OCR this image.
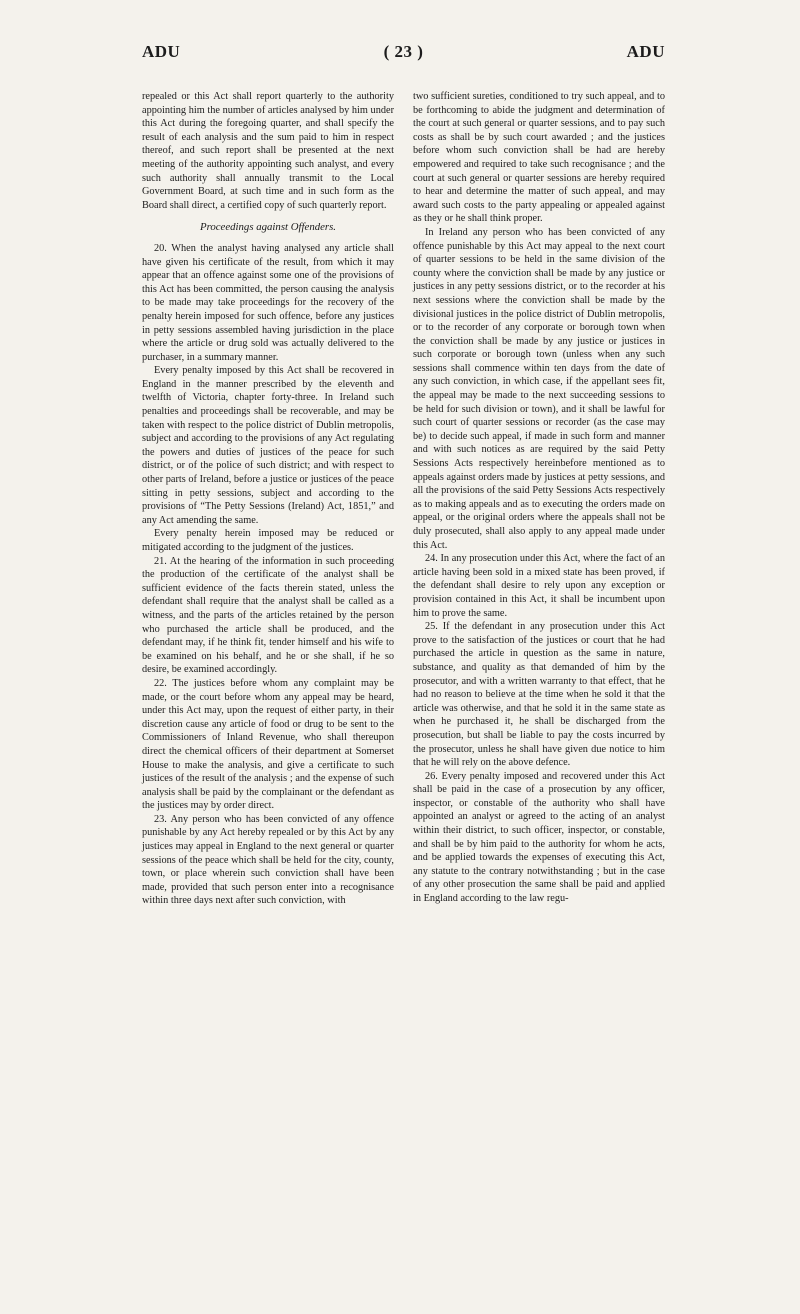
ADU	( 23 )	ADU

repealed or this Act shall report quarterly to the authority appointing him the number of articles analysed by him under this Act during the foregoing quarter, and shall specify the result of each analysis and the sum paid to him in respect thereof, and such report shall be presented at the next meeting of the authority appointing such analyst, and every such authority shall annually transmit to the Local Government Board, at such time and in such form as the Board shall direct, a certified copy of such quarterly report.

Proceedings against Offenders.

20. When the analyst having analysed any article shall have given his certificate of the result, from which it may appear that an offence against some one of the provisions of this Act has been committed, the person causing the analysis to be made may take proceedings for the recovery of the penalty herein imposed for such offence, before any justices in petty sessions assembled having jurisdiction in the place where the article or drug sold was actually delivered to the purchaser, in a summary manner.

Every penalty imposed by this Act shall be recovered in England in the manner prescribed by the eleventh and twelfth of Victoria, chapter forty-three. In Ireland such penalties and proceedings shall be recoverable, and may be taken with respect to the police district of Dublin metropolis, subject and according to the provisions of any Act regulating the powers and duties of justices of the peace for such district, or of the police of such district; and with respect to other parts of Ireland, before a justice or justices of the peace sitting in petty sessions, subject and according to the provisions of “The Petty Sessions (Ireland) Act, 1851,” and any Act amending the same.

Every penalty herein imposed may be reduced or mitigated according to the judgment of the justices.

21. At the hearing of the information in such proceeding the production of the certificate of the analyst shall be sufficient evidence of the facts therein stated, unless the defendant shall require that the analyst shall be called as a witness, and the parts of the articles retained by the person who purchased the article shall be produced, and the defendant may, if he think fit, tender himself and his wife to be examined on his behalf, and he or she shall, if he so desire, be examined accordingly.

22. The justices before whom any complaint may be made, or the court before whom any appeal may be heard, under this Act may, upon the request of either party, in their discretion cause any article of food or drug to be sent to the Commissioners of Inland Revenue, who shall thereupon direct the chemical officers of their department at Somerset House to make the analysis, and give a certificate to such justices of the result of the analysis ; and the expense of such analysis shall be paid by the complainant or the defendant as the justices may by order direct.

23. Any person who has been convicted of any offence punishable by any Act hereby repealed or by this Act by any justices may appeal in England to the next general or quarter sessions of the peace which shall be held for the city, county, town, or place wherein such conviction shall have been made, provided that such person enter into a recognisance within three days next after such conviction, with

two sufficient sureties, conditioned to try such appeal, and to be forthcoming to abide the judgment and determination of the court at such general or quarter sessions, and to pay such costs as shall be by such court awarded ; and the justices before whom such conviction shall be had are hereby empowered and required to take such recognisance ; and the court at such general or quarter sessions are hereby required to hear and determine the matter of such appeal, and may award such costs to the party appealing or appealed against as they or he shall think proper.

In Ireland any person who has been convicted of any offence punishable by this Act may appeal to the next court of quarter sessions to be held in the same division of the county where the conviction shall be made by any justice or justices in any petty sessions district, or to the recorder at his next sessions where the conviction shall be made by the divisional justices in the police district of Dublin metropolis, or to the recorder of any corporate or borough town when the conviction shall be made by any justice or justices in such corporate or borough town (unless when any such sessions shall commence within ten days from the date of any such conviction, in which case, if the appellant sees fit, the appeal may be made to the next succeeding sessions to be held for such division or town), and it shall be lawful for such court of quarter sessions or recorder (as the case may be) to decide such appeal, if made in such form and manner and with such notices as are required by the said Petty Sessions Acts respectively hereinbefore mentioned as to appeals against orders made by justices at petty sessions, and all the provisions of the said Petty Sessions Acts respectively as to making appeals and as to executing the orders made on appeal, or the original orders where the appeals shall not be duly prosecuted, shall also apply to any appeal made under this Act.

24. In any prosecution under this Act, where the fact of an article having been sold in a mixed state has been proved, if the defendant shall desire to rely upon any exception or provision contained in this Act, it shall be incumbent upon him to prove the same.

25. If the defendant in any prosecution under this Act prove to the satisfaction of the justices or court that he had purchased the article in question as the same in nature, substance, and quality as that demanded of him by the prosecutor, and with a written warranty to that effect, that he had no reason to believe at the time when he sold it that the article was otherwise, and that he sold it in the same state as when he purchased it, he shall be discharged from the prosecution, but shall be liable to pay the costs incurred by the prosecutor, unless he shall have given due notice to him that he will rely on the above defence.

26. Every penalty imposed and recovered under this Act shall be paid in the case of a prosecution by any officer, inspector, or constable of the authority who shall have appointed an analyst or agreed to the acting of an analyst within their district, to such officer, inspector, or constable, and shall be by him paid to the authority for whom he acts, and be applied towards the expenses of executing this Act, any statute to the contrary notwithstanding ; but in the case of any other prosecution the same shall be paid and applied in England according to the law regu-
